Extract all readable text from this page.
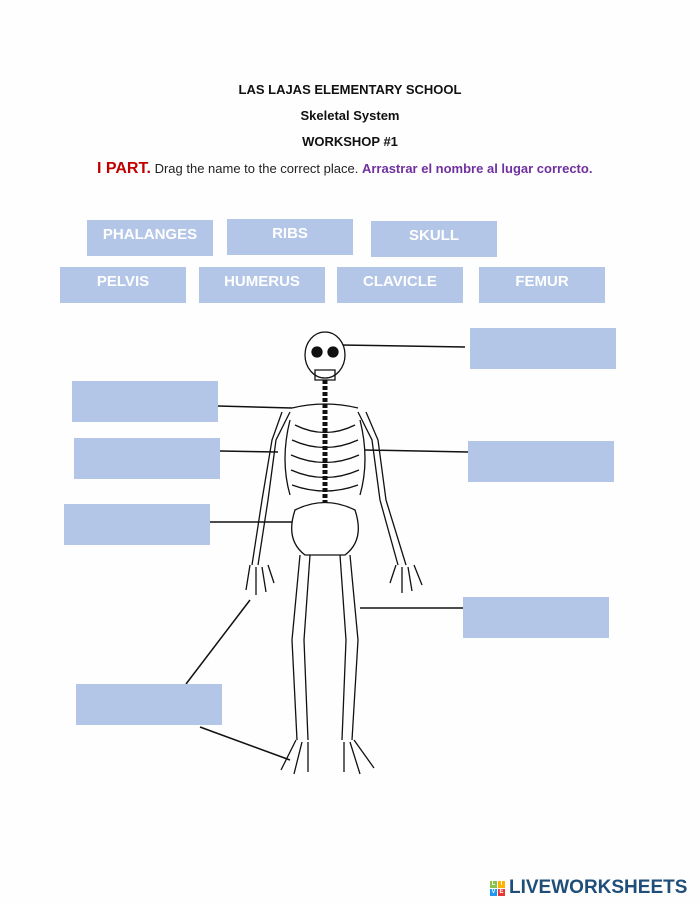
LAS LAJAS ELEMENTARY SCHOOL
Skeletal System
WORKSHOP #1
I PART. Drag the name to the correct place. Arrastrar el nombre al lugar correcto.
PHALANGES	RIBS	SKULL
PELVIS	HUMERUS	CLAVICLE	FEMUR
L I
V E LIVEWORKSHEETS
